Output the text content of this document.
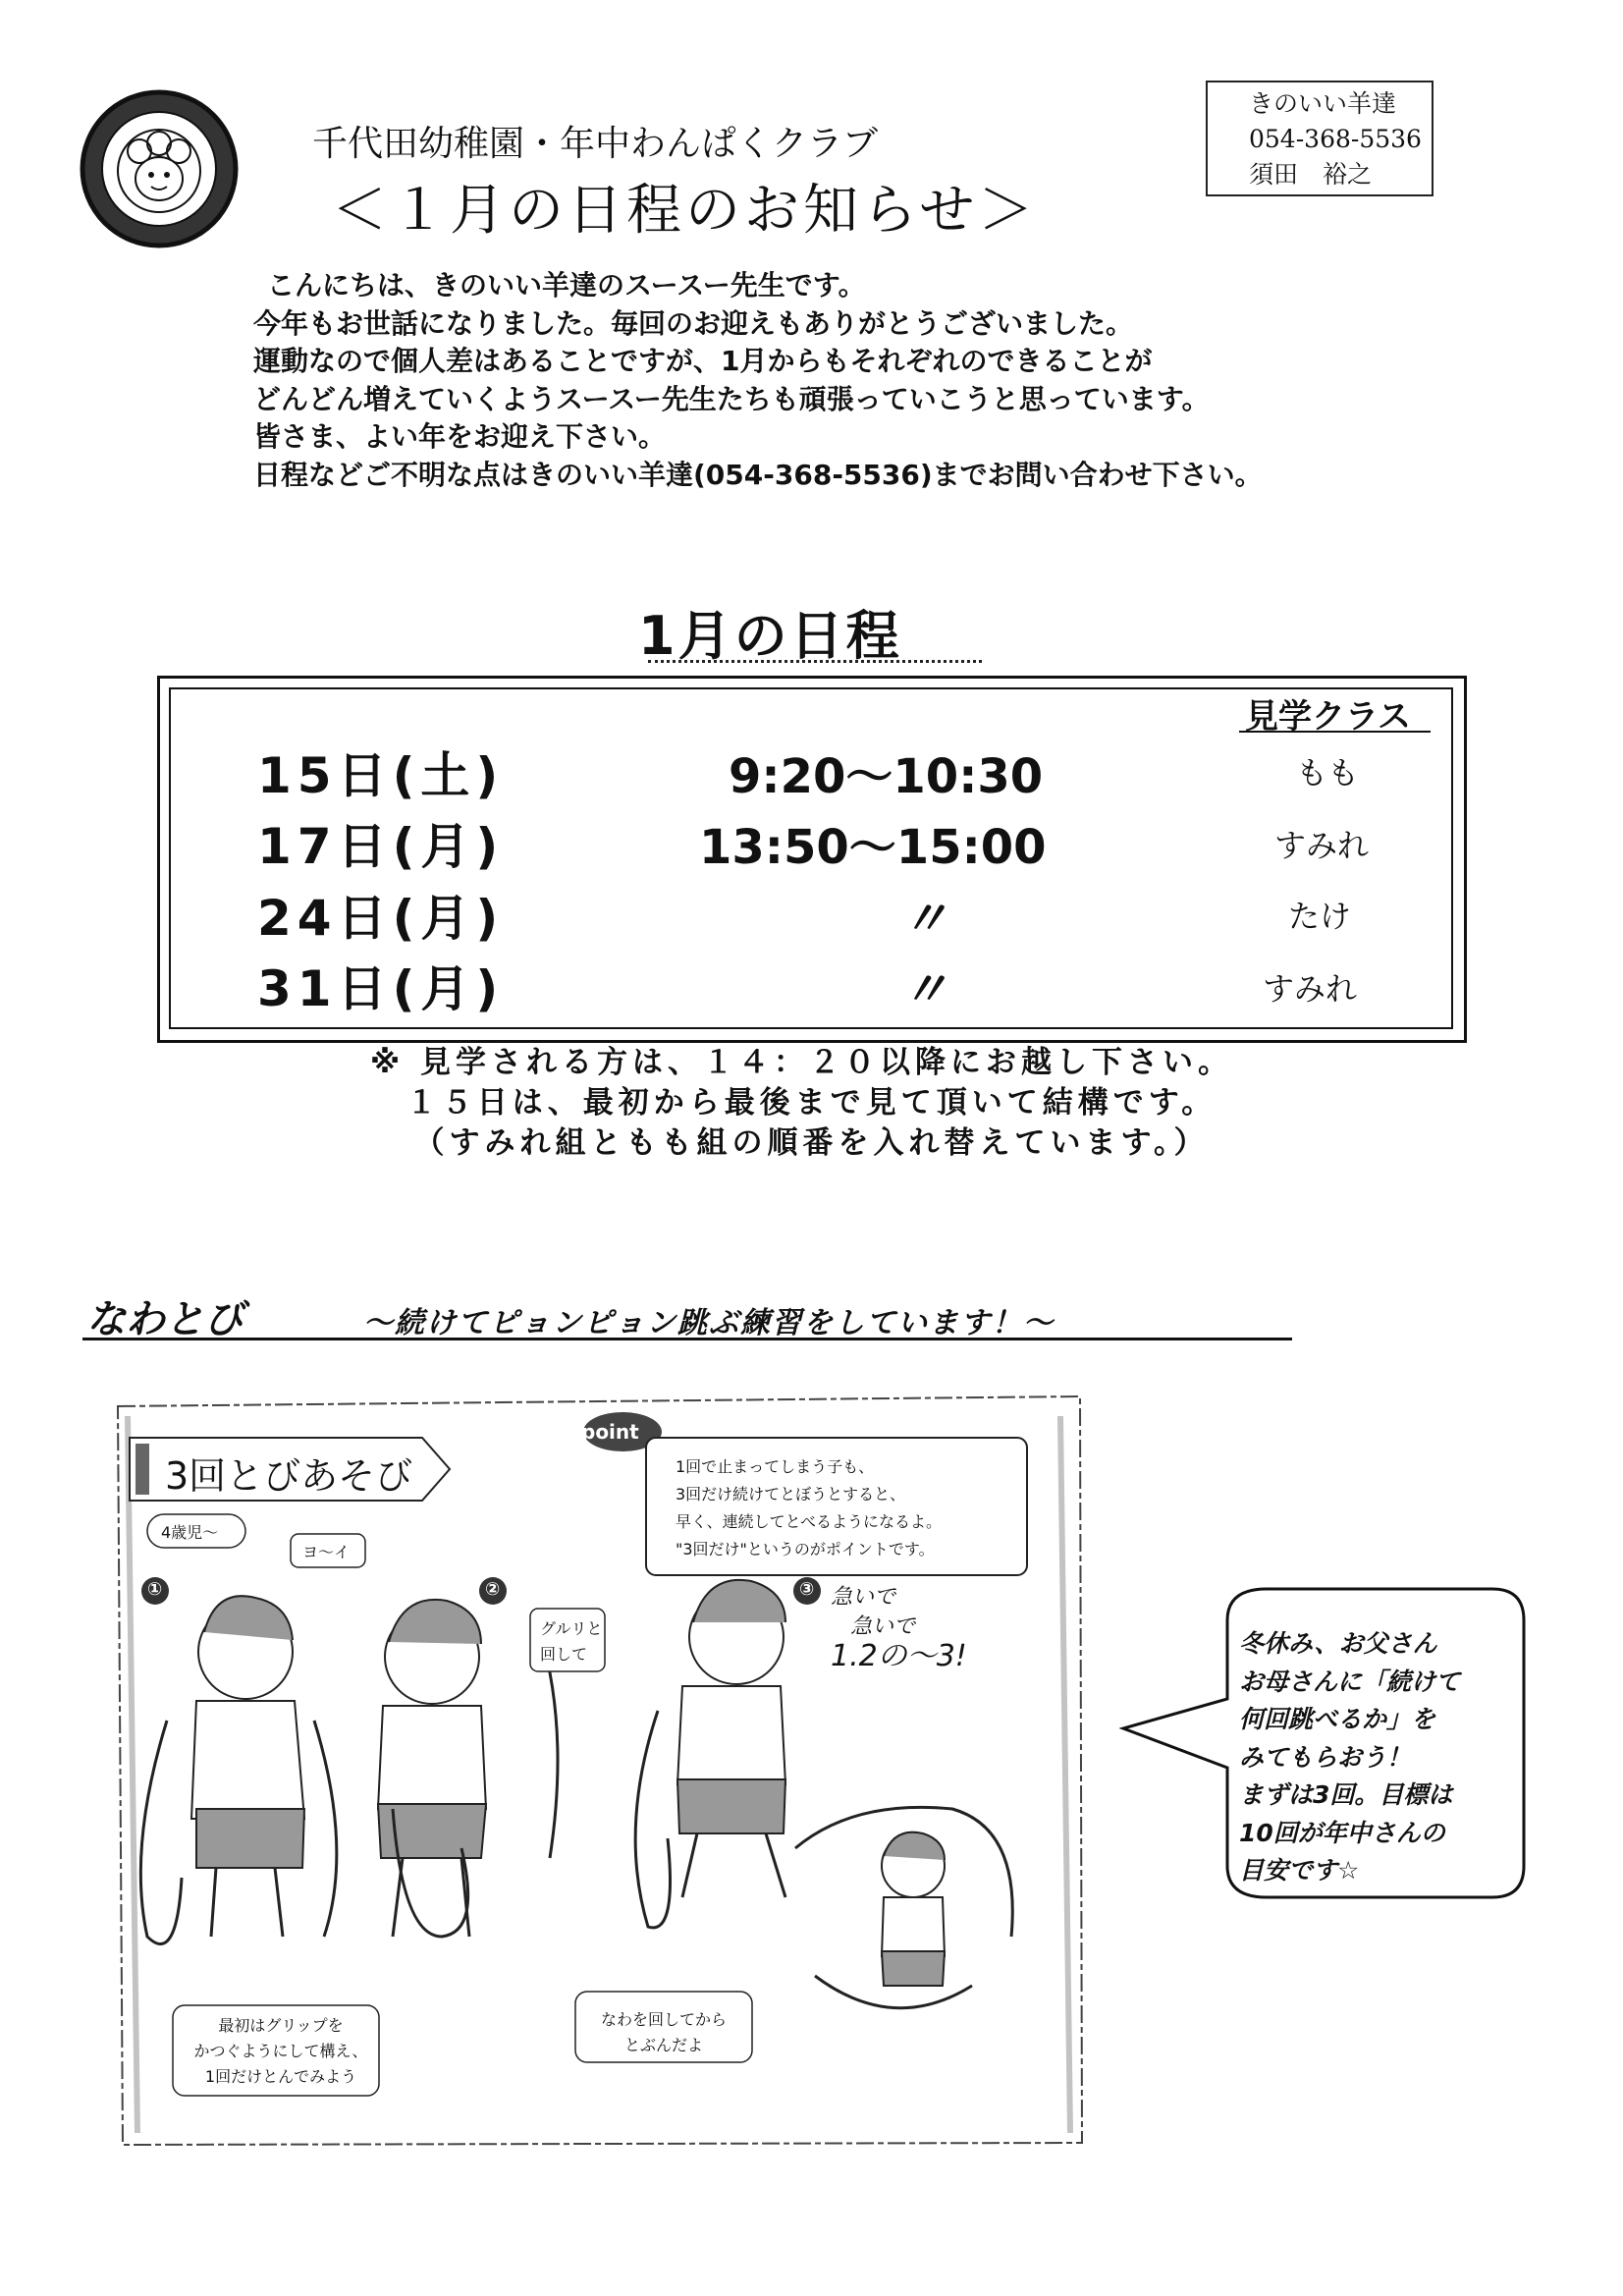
千代田幼稚園・年中わんぱくクラブ
＜１月の日程のお知らせ＞
きのいい羊達
054-368-5536
須田　裕之
こんにちは、きのいい羊達のスースー先生です。
今年もお世話になりました。毎回のお迎えもありがとうございました。
運動なので個人差はあることですが、1月からもそれぞれのできることが
どんどん増えていくようスースー先生たちも頑張っていこうと思っています。
皆さま、よい年をお迎え下さい。
日程などご不明な点はきのいい羊達(054-368-5536)までお問い合わせ下さい。
1月の日程
見学クラス
15日(土)	9:20～10:30	もも
17日(月)	13:50～15:00	すみれ
24日(月)	〃	たけ
31日(月)	〃	すみれ
※ 見学される方は、１４：２０以降にお越し下さい。
１５日は、最初から最後まで見て頂いて結構です。
（すみれ組ともも組の順番を入れ替えています。）
なわとび	～続けてピョンピョン跳ぶ練習をしています！～
3回とびあそび
point
1回で止まってしまう子も、
3回だけ続けてとぼうとすると、
早く、連続してとべるようになるよ。
"3回だけ"というのがポイントです。
4歳児～
ヨ～イ
グルリと
回して
急いで
急いで
1.2の～3!
①	②	③
最初はグリップを
かつぐようにして構え、
1回だけとんでみよう
なわを回してから
とぶんだよ
冬休み、お父さん
お母さんに「続けて
何回跳べるか」を
みてもらおう！
まずは3回。目標は
10回が年中さんの
目安です☆
